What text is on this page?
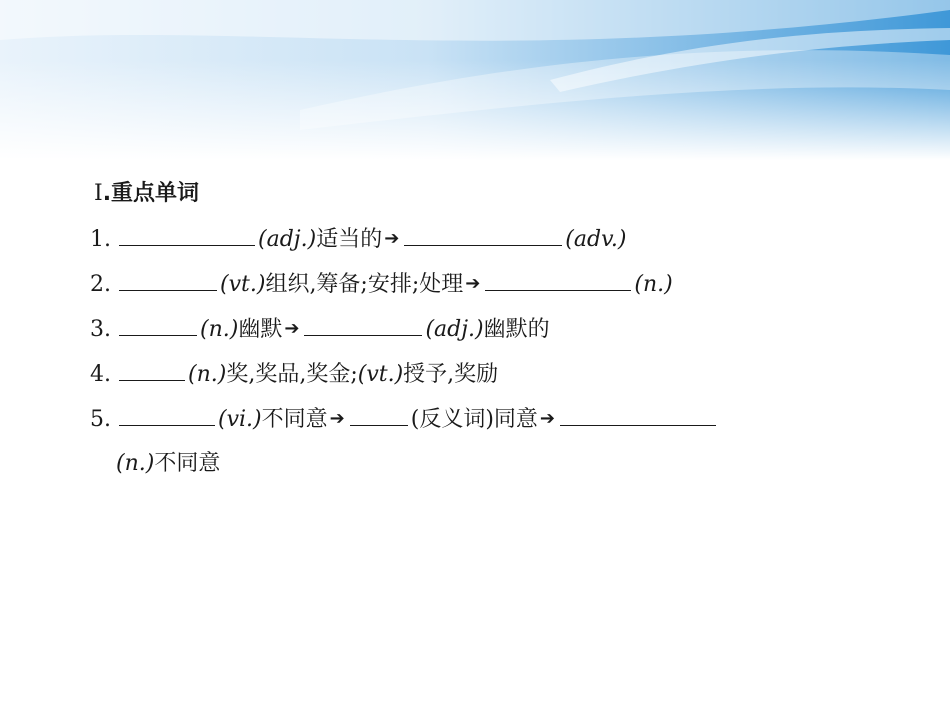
Ⅰ.重点单词
1.	(adj.) 适当的 ➔	(adv.)
2.	(vt.) 组织,筹备;安排;处理 ➔	(n.)
3.	(n.) 幽默 ➔	(adj.) 幽默的
4.	(n.) 奖,奖品,奖金; (vt.) 授予,奖励
5.	(vi.) 不同意 ➔	(反义词) 同意 ➔
(n.) 不同意
